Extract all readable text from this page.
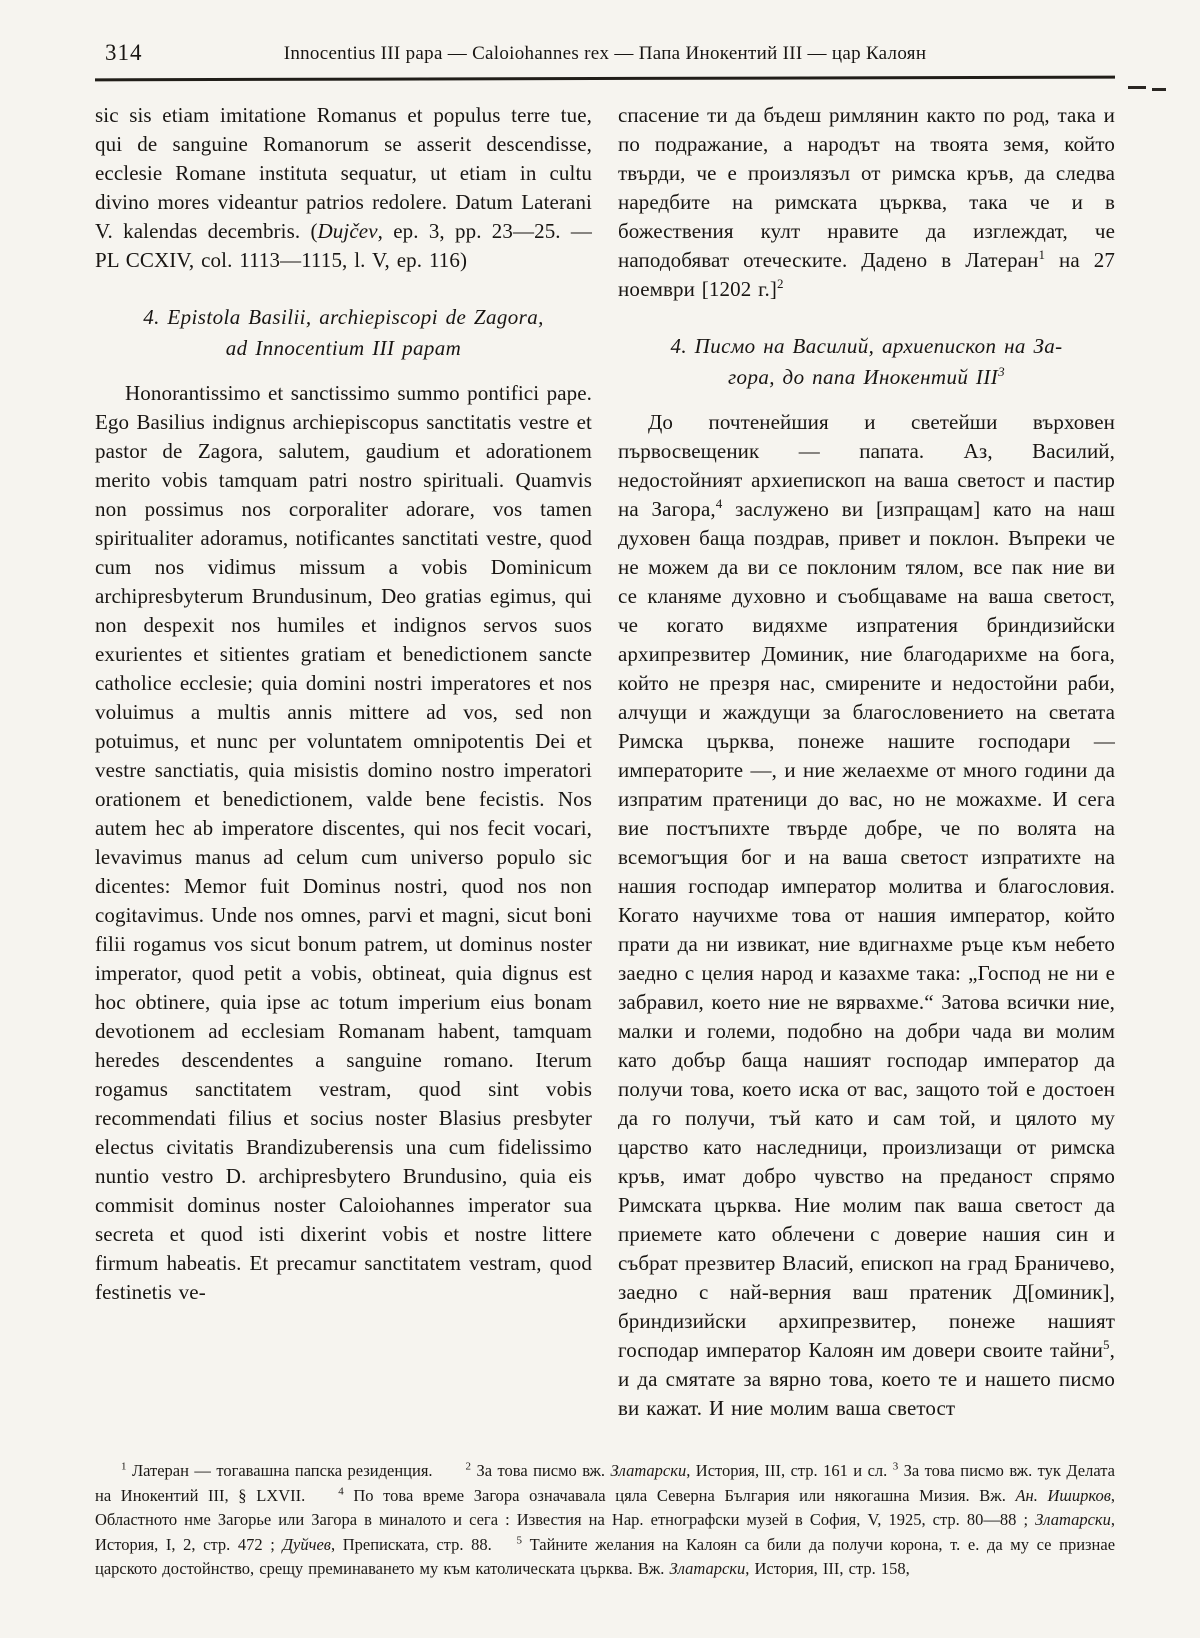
314	Innocentius III papa — Caloiohannes rex — Папа Инокентий III — цар Калоян

sic sis etiam imitatione Romanus et populus terre tue, qui de sanguine Romanorum se asserit descendisse, ecclesie Romane instituta sequatur, ut etiam in cultu divino mores videantur patrios redolere. Datum Laterani V. kalendas decembris. (Dujčev, ep. 3, pp. 23—25. — PL CCXIV, col. 1113—1115, l. V, ep. 116)

4. Epistola Basilii, archiepiscopi de Zagora,
ad Innocentium III papam

Honorantissimo et sanctissimo summo pontifici pape. Ego Basilius indignus archiepiscopus sanctitatis vestre et pastor de Zagora, salutem, gaudium et adorationem merito vobis tamquam patri nostro spirituali. Quamvis non possimus nos corporaliter adorare, vos tamen spiritualiter adoramus, notificantes sanctitati vestre, quod cum nos vidimus missum a vobis Dominicum archipresbyterum Brundusinum, Deo gratias egimus, qui non despexit nos humiles et indignos servos suos exurientes et sitientes gratiam et benedictionem sancte catholice ecclesie; quia domini nostri imperatores et nos voluimus a multis annis mittere ad vos, sed non potuimus, et nunc per voluntatem omnipotentis Dei et vestre sanctiatis, quia misistis domino nostro imperatori orationem et benedictionem, valde bene fecistis. Nos autem hec ab imperatore discentes, qui nos fecit vocari, levavimus manus ad celum cum universo populo sic dicentes: Memor fuit Dominus nostri, quod nos non cogitavimus. Unde nos omnes, parvi et magni, sicut boni filii rogamus vos sicut bonum patrem, ut dominus noster imperator, quod petit a vobis, obtineat, quia dignus est hoc obtinere, quia ipse ac totum imperium eius bonam devotionem ad ecclesiam Romanam habent, tamquam heredes descendentes a sanguine romano. Iterum rogamus sanctitatem vestram, quod sint vobis recommendati filius et socius noster Blasius presbyter electus civitatis Brandizuberensis una cum fidelissimo nuntio vestro D. archipresbytero Brundusino, quia eis commisit dominus noster Caloiohannes imperator sua secreta et quod isti dixerint vobis et nostre littere firmum habeatis. Et precamur sanctitatem vestram, quod festinetis ve-

спасение ти да бъдеш римлянин както по род, така и по подражание, а народът на твоята земя, който твърди, че е произлязъл от римска кръв, да следва наредбите на римската църква, така че и в божествения култ нравите да изглеждат, че наподобяват отеческите. Дадено в Латеран$^1$ на 27 ноември [1202 г.]$^2$

4. Писмо на Василий, архиепископ на За-
гора, до папа Инокентий III$^3$

До почтенейшия и светейши върховен първосвещеник — папата. Аз, Василий, недостойният архиепископ на ваша светост и пастир на Загора,$^4$ заслужено ви [изпращам] като на наш духовен баща поздрав, привет и поклон. Въпреки че не можем да ви се поклоним тялом, все пак ние ви се кланяме духовно и съобщаваме на ваша светост, че когато видяхме изпратения бриндизийски архипрезвитер Доминик, ние благодарихме на бога, който не презря нас, смирените и недостойни раби, алчущи и жаждущи за благословението на светата Римска църква, понеже нашите господари — императорите —, и ние желаехме от много години да изпратим пратеници до вас, но не можахме. И сега вие постъпихте твърде добре, че по волята на всемогъщия бог и на ваша светост изпратихте на нашия господар император молитва и благословия. Когато научихме това от нашия император, който прати да ни извикат, ние вдигнахме ръце към небето заедно с целия народ и казахме така: „Господ не ни е забравил, което ние не вярвахме.“ Затова всички ние, малки и големи, подобно на добри чада ви молим като добър баща нашият господар император да получи това, което иска от вас, защото той е достоен да го получи, тъй като и сам той, и цялото му царство като наследници, произлизащи от римска кръв, имат добро чувство на преданост спрямо Римската църква. Ние молим пак ваша светост да приемете като облечени с доверие нашия син и събрат презвитер Власий, епископ на град Браничево, заедно с най-верния ваш пратеник Д[оминик], бриндизийски архипрезвитер, понеже нашият господар император Калоян им довери своите тайни$^5$, и да смятате за вярно това, което те и нашето писмо ви кажат. И ние молим ваша светост

$^1$ Латеран — тогавашна папска резиденция.  $^2$ За това писмо вж. Златарски, История, III, стр. 161 и сл. $^3$ За това писмо вж. тук Делата на Инокентий III, § LXVII.  $^4$ По това време Загора означавала цяла Северна България или някогашна Мизия. Вж. Ан. Иширков, Областното нме Загорье или Загора в миналото и сега : Известия на Нар. етнографски музей в София, V, 1925, стр. 80—88 ; Златарски, История, I, 2, стр. 472 ; Дуйчев, Преписката, стр. 88.  $^5$ Тайните желания на Калоян са били да получи корона, т. е. да му се признае царското достойнство, срещу преминаването му към католическата църква. Вж. Златарски, История, III, стр. 158,
